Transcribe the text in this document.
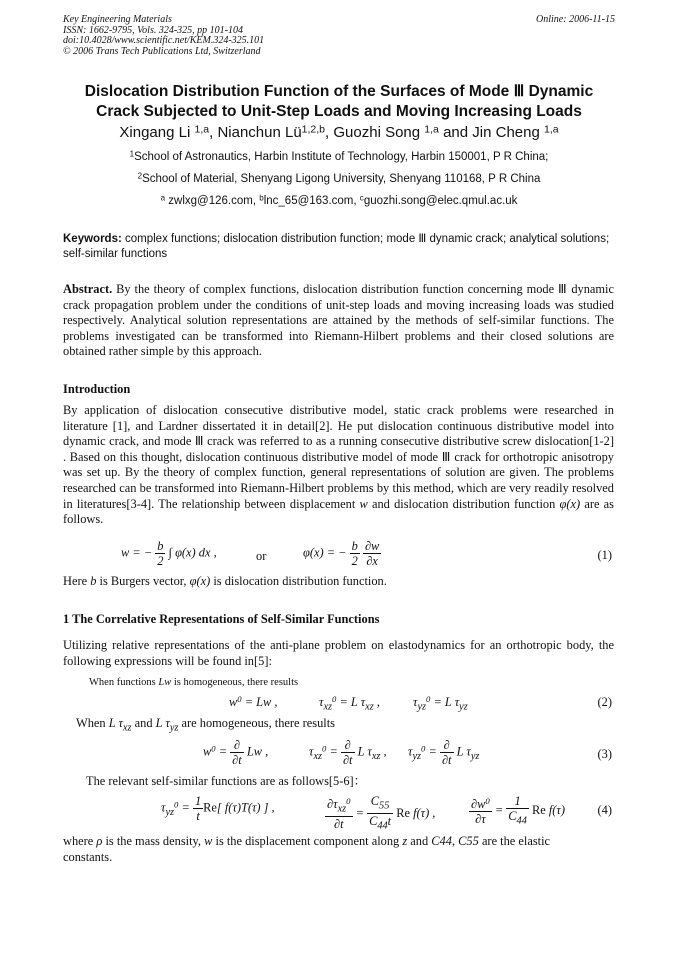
Key Engineering Materials
ISSN: 1662-9795, Vols. 324-325, pp 101-104
doi:10.4028/www.scientific.net/KEM.324-325.101
© 2006 Trans Tech Publications Ltd, Switzerland
Online: 2006-11-15
Dislocation Distribution Function of the Surfaces of Mode Ⅲ Dynamic
Crack Subjected to Unit-Step Loads and Moving Increasing Loads
Xingang Li $^{1,a}$, Nianchun Lü$^{1,2,b}$, Guozhi Song $^{1,a}$ and Jin Cheng $^{1,a}$
$^1$School of Astronautics, Harbin Institute of Technology, Harbin 150001, P R China;
$^2$School of Material, Shenyang Ligong University, Shenyang 110168, P R China
$^a$ zwlxg@126.com, $^b$lnc_65@163.com, $^c$guozhi.song@elec.qmul.ac.uk
Keywords: complex functions; dislocation distribution function; mode Ⅲ dynamic crack; analytical solutions; self-similar functions
Abstract. By the theory of complex functions, dislocation distribution function concerning mode Ⅲ dynamic crack propagation problem under the conditions of unit-step loads and moving increasing loads was studied respectively. Analytical solution representations are attained by the methods of self-similar functions. The problems investigated can be transformed into Riemann-Hilbert problems and their closed solutions are obtained rather simple by this approach.
Introduction
By application of dislocation consecutive distributive model, static crack problems were researched in literature [1], and Lardner dissertated it in detail[2]. He put dislocation continuous distributive model into dynamic crack, and mode Ⅲ crack was referred to as a running consecutive distributive screw dislocation[1-2] . Based on this thought, dislocation continuous distributive model of mode Ⅲ crack for orthotropic anisotropy was set up. By the theory of complex function, general representations of solution are given. The problems researched can be transformed into Riemann-Hilbert problems by this method, which are very readily resolved in literatures[3-4]. The relationship between displacement w and dislocation distribution function φ(x) are as follows.
w = − $\frac{b}{2}$ ∫ φ(x) dx ,	or	φ(x) = − $\frac{b}{2}$
$\frac{\partial w}{\partial x}$	(1)
Here b is Burgers vector, φ(x) is dislocation distribution function.
1 The Correlative Representations of Self-Similar Functions
Utilizing relative representations of the anti-plane problem on elastodynamics for an orthotropic body, the following expressions will be found in[5]:
When functions Lw is homogeneous, there results
$w^0 = Lw$ ,	$\tau_{xz}^0 = L$ $\tau_{xz}$ ,	$\tau_{yz}^0 = L$ $\tau_{yz}$	(2)
When L $\tau_{xz}$ and L $\tau_{yz}$ are homogeneous, there results
$w^0 = \frac{\partial}{\partial t}$ Lw ,	$\tau_{xz}^0 = \frac{\partial}{\partial t}$ L $\tau_{xz}$ , $\tau_{yz}^0 = \frac{\partial}{\partial t}$ L $\tau_{yz}$	(3)
The relevant self-similar functions are as follows[5-6]：
$\tau_{yz}^0 = \frac{1}{t} Re$[ f(τ)T(τ) ] ,	$\frac{\partial\tau_{xz}^0}{\partial t} = \frac{C_{55}}{C_{44}t}$ Re f(τ) ,	$\frac{\partial w^0}{\partial\tau} = \frac{1}{C_{44}}$ Re f(τ)	(4)
where ρ is the mass density, w is the displacement component along z and C44, C55 are the elastic
constants.
